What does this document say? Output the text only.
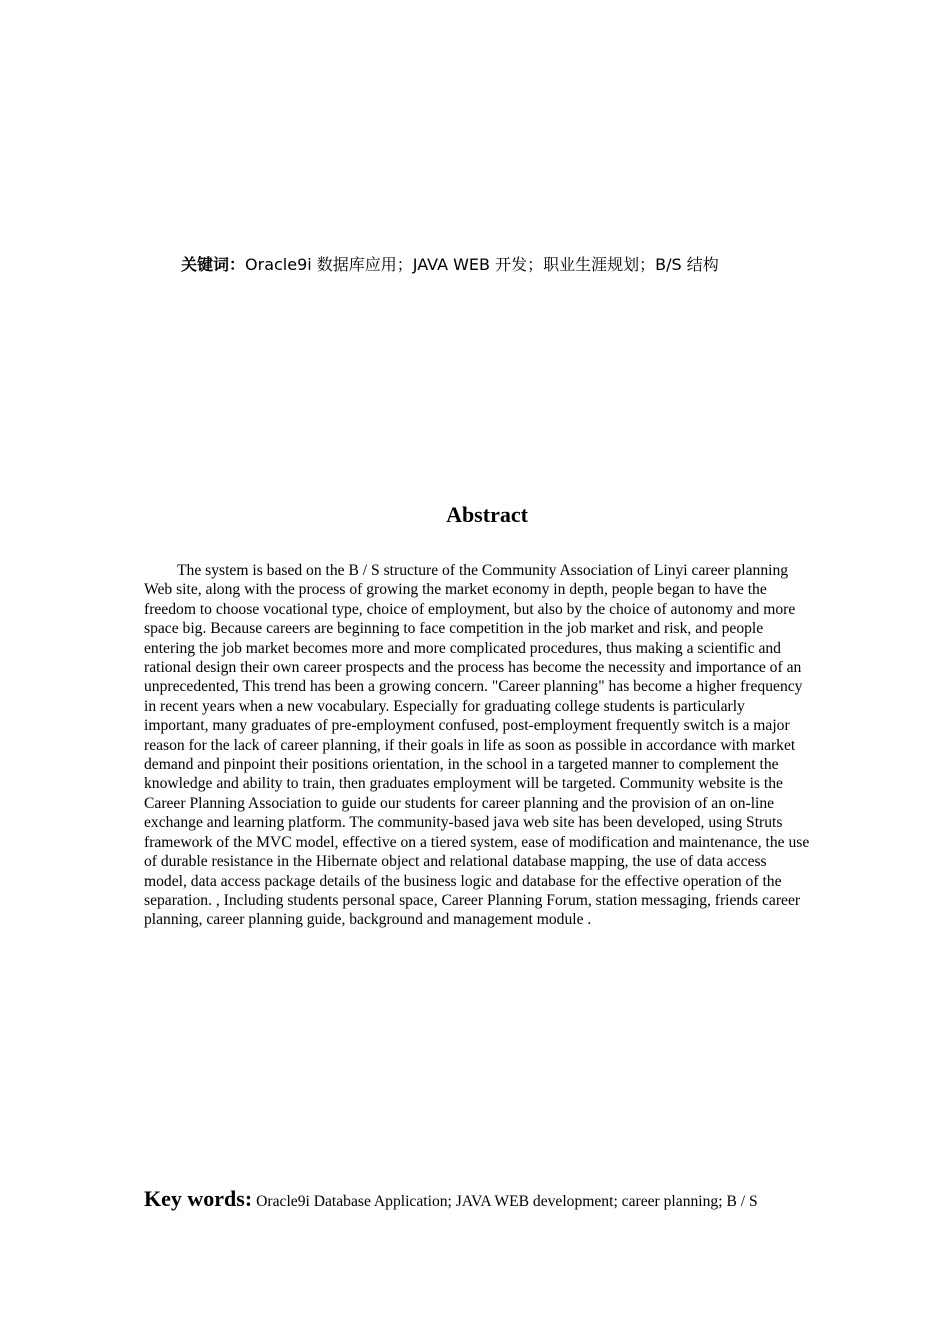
关键词：Oracle9i 数据库应用；JAVA WEB 开发；职业生涯规划；B/S 结构
Abstract

The system is based on the B / S structure of the Community Association of Linyi career planning Web site, along with the process of growing the market economy in depth, people began to have the freedom to choose vocational type, choice of employment, but also by the choice of autonomy and more space big. Because careers are beginning to face competition in the job market and risk, and people entering the job market becomes more and more complicated procedures, thus making a scientific and rational design their own career prospects and the process has become the necessity and importance of an unprecedented, This trend has been a growing concern. "Career planning" has become a higher frequency in recent years when a new vocabulary. Especially for graduating college students is particularly important, many graduates of pre-employment confused, post-employment frequently switch is a major reason for the lack of career planning, if their goals in life as soon as possible in accordance with market demand and pinpoint their positions orientation, in the school in a targeted manner to complement the knowledge and ability to train, then graduates employment will be targeted. Community website is the Career Planning Association to guide our students for career planning and the provision of an on-line exchange and learning platform. The community-based java web site has been developed, using Struts framework of the MVC model, effective on a tiered system, ease of modification and maintenance, the use of durable resistance in the Hibernate object and relational database mapping, the use of data access model, data access package details of the business logic and database for the effective operation of the separation. , Including students personal space, Career Planning Forum, station messaging, friends career planning, career planning guide, background and management module .

Key words: Oracle9i Database Application; JAVA WEB development; career planning; B / S
